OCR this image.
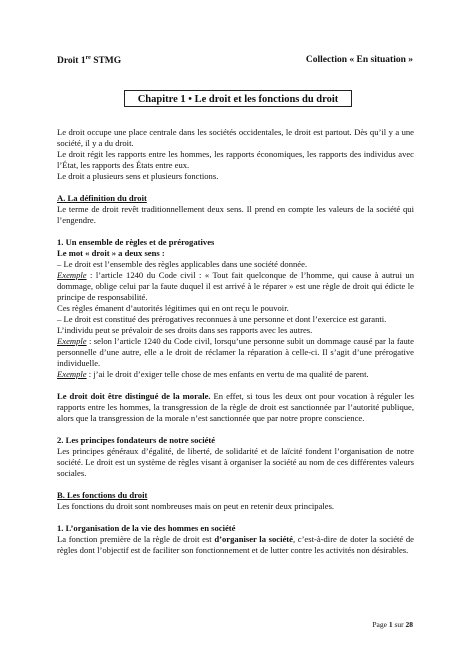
Droit 1re STMG	Collection « En situation »
Chapitre 1 • Le droit et les fonctions du droit

Le droit occupe une place centrale dans les sociétés occidentales, le droit est partout. Dès qu’il y a une société, il y a du droit.

Le droit régit les rapports entre les hommes, les rapports économiques, les rapports des individus avec l’État, les rapports des États entre eux.

Le droit a plusieurs sens et plusieurs fonctions.

A. La définition du droit

Le terme de droit revêt traditionnellement deux sens. Il prend en compte les valeurs de la société qui l’engendre.

1. Un ensemble de règles et de prérogatives

Le mot « droit » a deux sens :

– Le droit est l’ensemble des règles applicables dans une société donnée.

Exemple : l’article 1240 du Code civil : « Tout fait quelconque de l’homme, qui cause à autrui un dommage, oblige celui par la faute duquel il est arrivé à le réparer » est une règle de droit qui édicte le principe de responsabilité.

Ces règles émanent d’autorités légitimes qui en ont reçu le pouvoir.

– Le droit est constitué des prérogatives reconnues à une personne et dont l’exercice est garanti.

L’individu peut se prévaloir de ses droits dans ses rapports avec les autres.

Exemple : selon l’article 1240 du Code civil, lorsqu’une personne subit un dommage causé par la faute personnelle d’une autre, elle a le droit de réclamer la réparation à celle-ci. Il s’agit d’une prérogative individuelle.

Exemple : j’ai le droit d’exiger telle chose de mes enfants en vertu de ma qualité de parent.

Le droit doit être distingué de la morale. En effet, si tous les deux ont pour vocation à réguler les rapports entre les hommes, la transgression de la règle de droit est sanctionnée par l’autorité publique, alors que la transgression de la morale n’est sanctionnée que par notre propre conscience.

2. Les principes fondateurs de notre société

Les principes généraux d’égalité, de liberté, de solidarité et de laïcité fondent l’organisation de notre société. Le droit est un système de règles visant à organiser la société au nom de ces différentes valeurs sociales.

B. Les fonctions du droit

Les fonctions du droit sont nombreuses mais on peut en retenir deux principales.

1. L’organisation de la vie des hommes en société

La fonction première de la règle de droit est d’organiser la société, c’est-à-dire de doter la société de règles dont l’objectif est de faciliter son fonctionnement et de lutter contre les activités non désirables.

Page 1 sur 28
